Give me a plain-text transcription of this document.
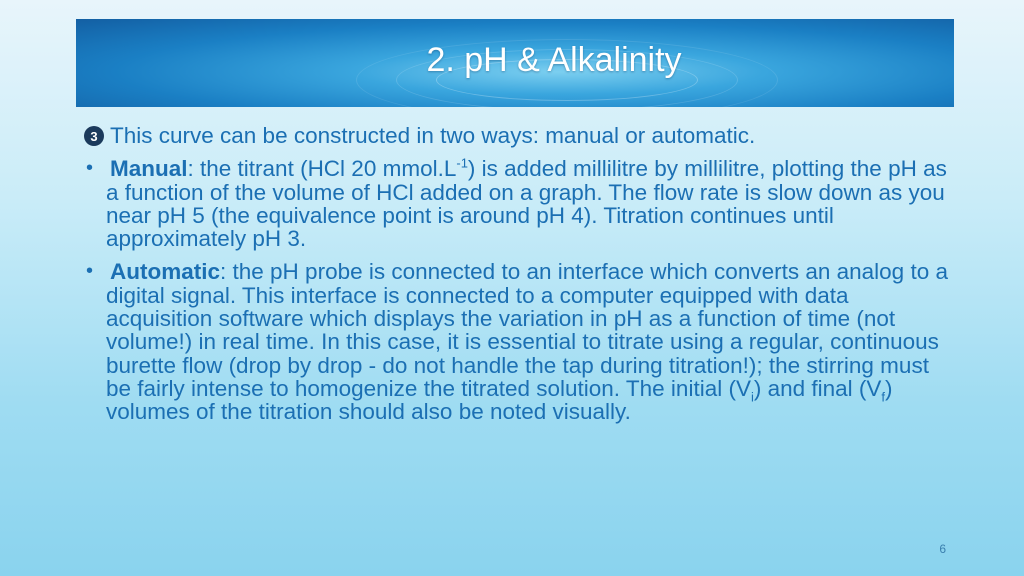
2. pH & Alkalinity
3 This curve can be constructed in two ways: manual or automatic.
• Manual: the titrant (HCl 20 $mmol.L^{-1}$) is added millilitre by millilitre, plotting the pH as a function of the volume of HCl added on a graph. The flow rate is slow down as you near pH 5 (the equivalence point is around pH 4). Titration continues until approximately pH 3.
• Automatic: the pH probe is connected to an interface which converts an analog to a digital signal. This interface is connected to a computer equipped with data acquisition software which displays the variation in pH as a function of time (not volume!) in real time. In this case, it is essential to titrate using a regular, continuous burette flow (drop by drop - do not handle the tap during titration!); the stirring must be fairly intense to homogenize the titrated solution. The initial $(V_i)$ and final $(V_f)$ volumes of the titration should also be noted visually.
6
